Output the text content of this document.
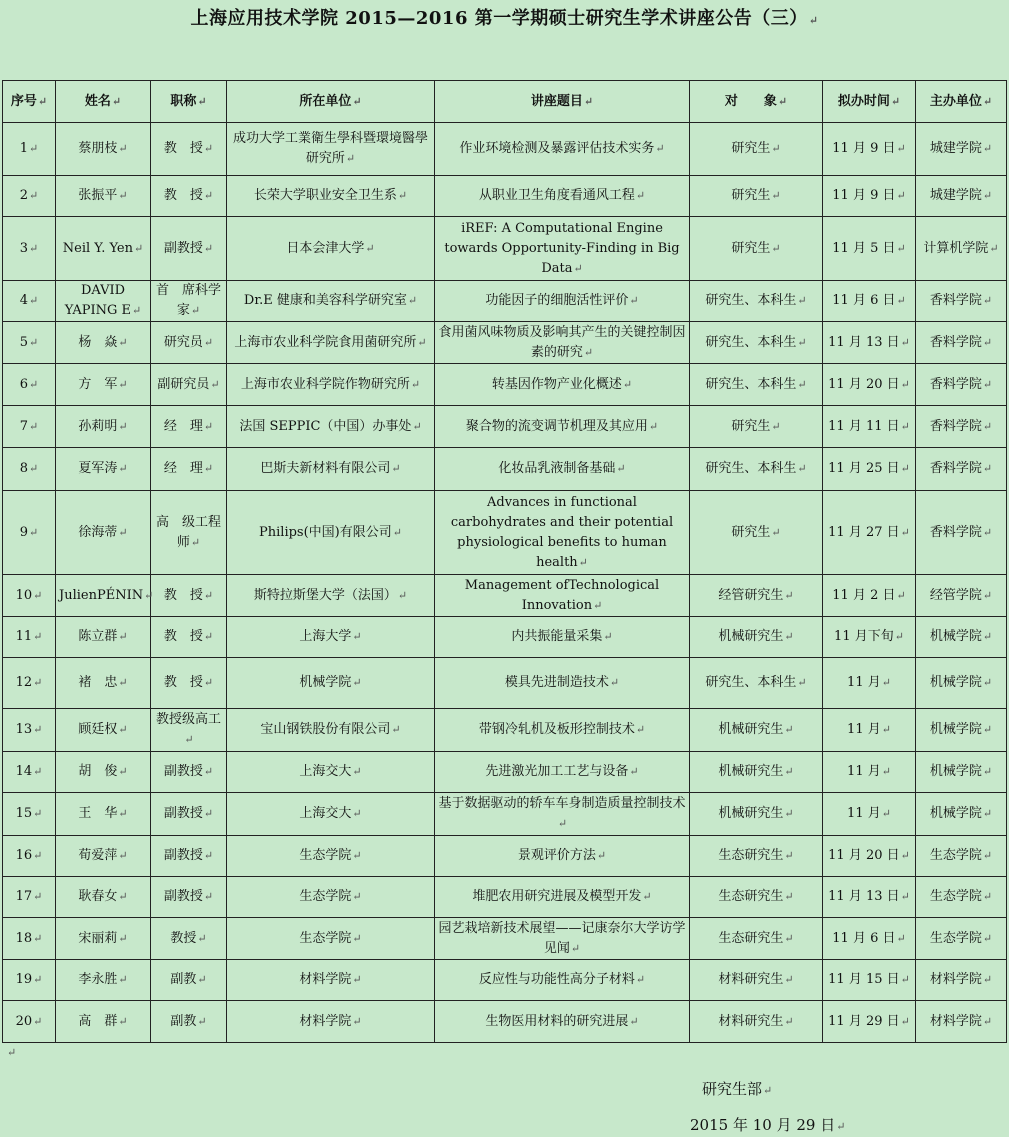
上海应用技术学院 2015—2016 第一学期硕士研究生学术讲座公告（三）↵
序号↵	姓名↵	职称↵	所在单位↵	讲座题目↵	对　　象↵	拟办时间↵	主办单位↵
1↵	蔡朋枝↵	教　授↵	成功大学工業衛生學科暨環境醫學研究所↵	作业环境检测及暴露评估技术实务↵	研究生↵	11 月 9 日↵	城建学院↵
2↵	张振平↵	教　授↵	长荣大学职业安全卫生系↵	从职业卫生角度看通风工程↵	研究生↵	11 月 9 日↵	城建学院↵
3↵	Neil Y. Yen↵	副教授↵	日本会津大学↵	iREF: A Computational Engine towards Opportunity-Finding in Big Data↵	研究生↵	11 月 5 日↵	计算机学院↵
4↵	DAVID YAPING E↵	首　席科学家↵	Dr.E 健康和美容科学研究室↵	功能因子的细胞活性评价↵	研究生、本科生↵	11 月 6 日↵	香料学院↵
5↵	杨　焱↵	研究员↵	上海市农业科学院食用菌研究所↵	食用菌风味物质及影响其产生的关键控制因素的研究↵	研究生、本科生↵	11 月 13 日↵	香料学院↵
6↵	方　军↵	副研究员↵	上海市农业科学院作物研究所↵	转基因作物产业化概述↵	研究生、本科生↵	11 月 20 日↵	香料学院↵
7↵	孙莉明↵	经　理↵	法国 SEPPIC（中国）办事处↵	聚合物的流变调节机理及其应用↵	研究生↵	11 月 11 日↵	香料学院↵
8↵	夏军涛↵	经　理↵	巴斯夫新材料有限公司↵	化妆品乳液制备基础↵	研究生、本科生↵	11 月 25 日↵	香料学院↵
9↵	徐海蒂↵	高　级工程师↵	Philips(中国)有限公司↵	Advances in functional carbohydrates and their potential physiological benefits to human health↵	研究生↵	11 月 27 日↵	香料学院↵
10↵	JulienPÉNIN↵	教　授↵	斯特拉斯堡大学（法国）↵	Management ofTechnological Innovation↵	经管研究生↵	11 月 2 日↵	经管学院↵
11↵	陈立群↵	教　授↵	上海大学↵	内共振能量采集↵	机械研究生↵	11 月下旬↵	机械学院↵
12↵	褚　忠↵	教　授↵	机械学院↵	模具先进制造技术↵	研究生、本科生↵	11 月↵	机械学院↵
13↵	顾廷权↵	教授级高工↵	宝山钢铁股份有限公司↵	带钢冷轧机及板形控制技术↵	机械研究生↵	11 月↵	机械学院↵
14↵	胡　俊↵	副教授↵	上海交大↵	先进激光加工工艺与设备↵	机械研究生↵	11 月↵	机械学院↵
15↵	王　华↵	副教授↵	上海交大↵	基于数据驱动的轿车车身制造质量控制技术↵	机械研究生↵	11 月↵	机械学院↵
16↵	荀爱萍↵	副教授↵	生态学院↵	景观评价方法↵	生态研究生↵	11 月 20 日↵	生态学院↵
17↵	耿春女↵	副教授↵	生态学院↵	堆肥农用研究进展及模型开发↵	生态研究生↵	11 月 13 日↵	生态学院↵
18↵	宋丽莉↵	教授↵	生态学院↵	园艺栽培新技术展望——记康奈尔大学访学见闻↵	生态研究生↵	11 月 6 日↵	生态学院↵
19↵	李永胜↵	副教↵	材料学院↵	反应性与功能性高分子材料↵	材料研究生↵	11 月 15 日↵	材料学院↵
20↵	高　群↵	副教↵	材料学院↵	生物医用材料的研究进展↵	材料研究生↵	11 月 29 日↵	材料学院↵
↵
研究生部↵
2015 年 10 月 29 日↵
